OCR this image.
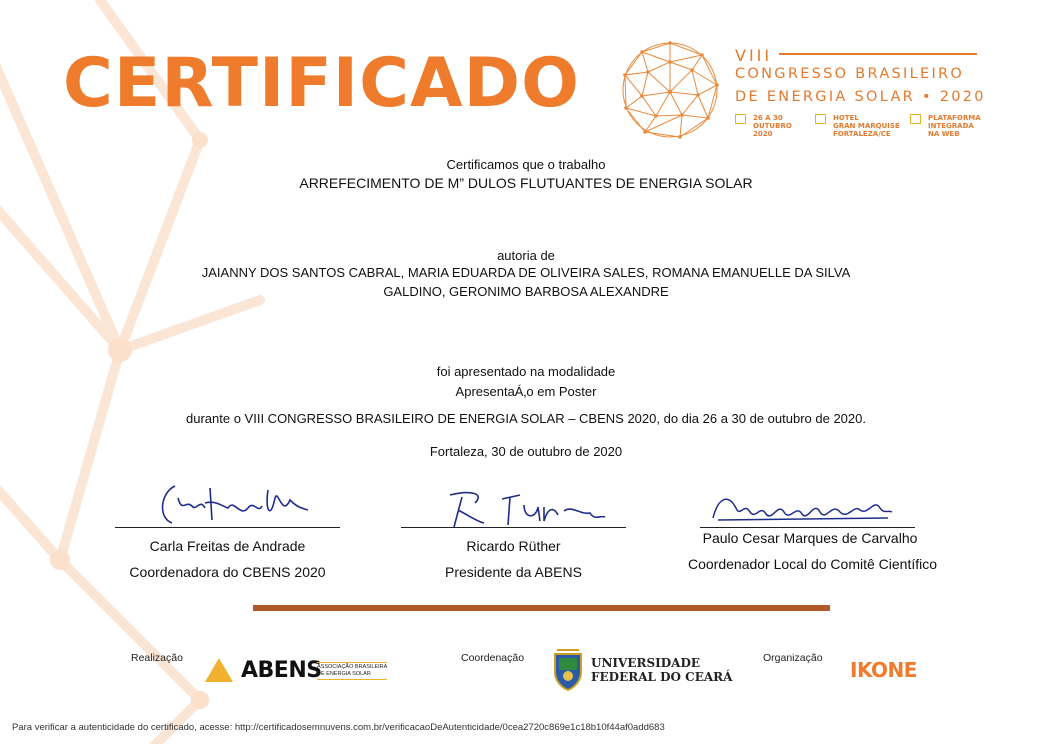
CERTIFICADO	VIII
CONGRESSO BRASILEIRO
DE ENERGIA SOLAR • 2020
26 A 30
OUTUBRO
2020
HOTEL
GRAN MARQUISE
FORTALEZA/CE
PLATAFORMA
INTEGRADA
NA WEB
Certificamos que o trabalho
ARREFECIMENTO DE M” DULOS FLUTUANTES DE ENERGIA SOLAR
autoria de
JAIANNY DOS SANTOS CABRAL, MARIA EDUARDA DE OLIVEIRA SALES, ROMANA EMANUELLE DA SILVA
GALDINO, GERONIMO BARBOSA ALEXANDRE
foi apresentado na modalidade
ApresentaÁ‚o em Poster
durante o VIII CONGRESSO BRASILEIRO DE ENERGIA SOLAR – CBENS 2020, do dia 26 a 30 de outubro de 2020.
Fortaleza, 30 de outubro de 2020
Carla Freitas de Andrade
Coordenadora do CBENS 2020
Ricardo Rüther
Presidente da ABENS
Paulo Cesar Marques de Carvalho
Coordenador Local do Comitê Científico
Realização	ABENS
ASSOCIAÇÃO BRASILEIRA
DE ENERGIA SOLAR
Coordenação	UNIVERSIDADE
FEDERAL DO CEARÁ
Organização IKONE
Para verificar a autenticidade do certificado, acesse: http://certificadosemnuvens.com.br/verificacaoDeAutenticidade/0cea2720c869e1c18b10f44af0add683
